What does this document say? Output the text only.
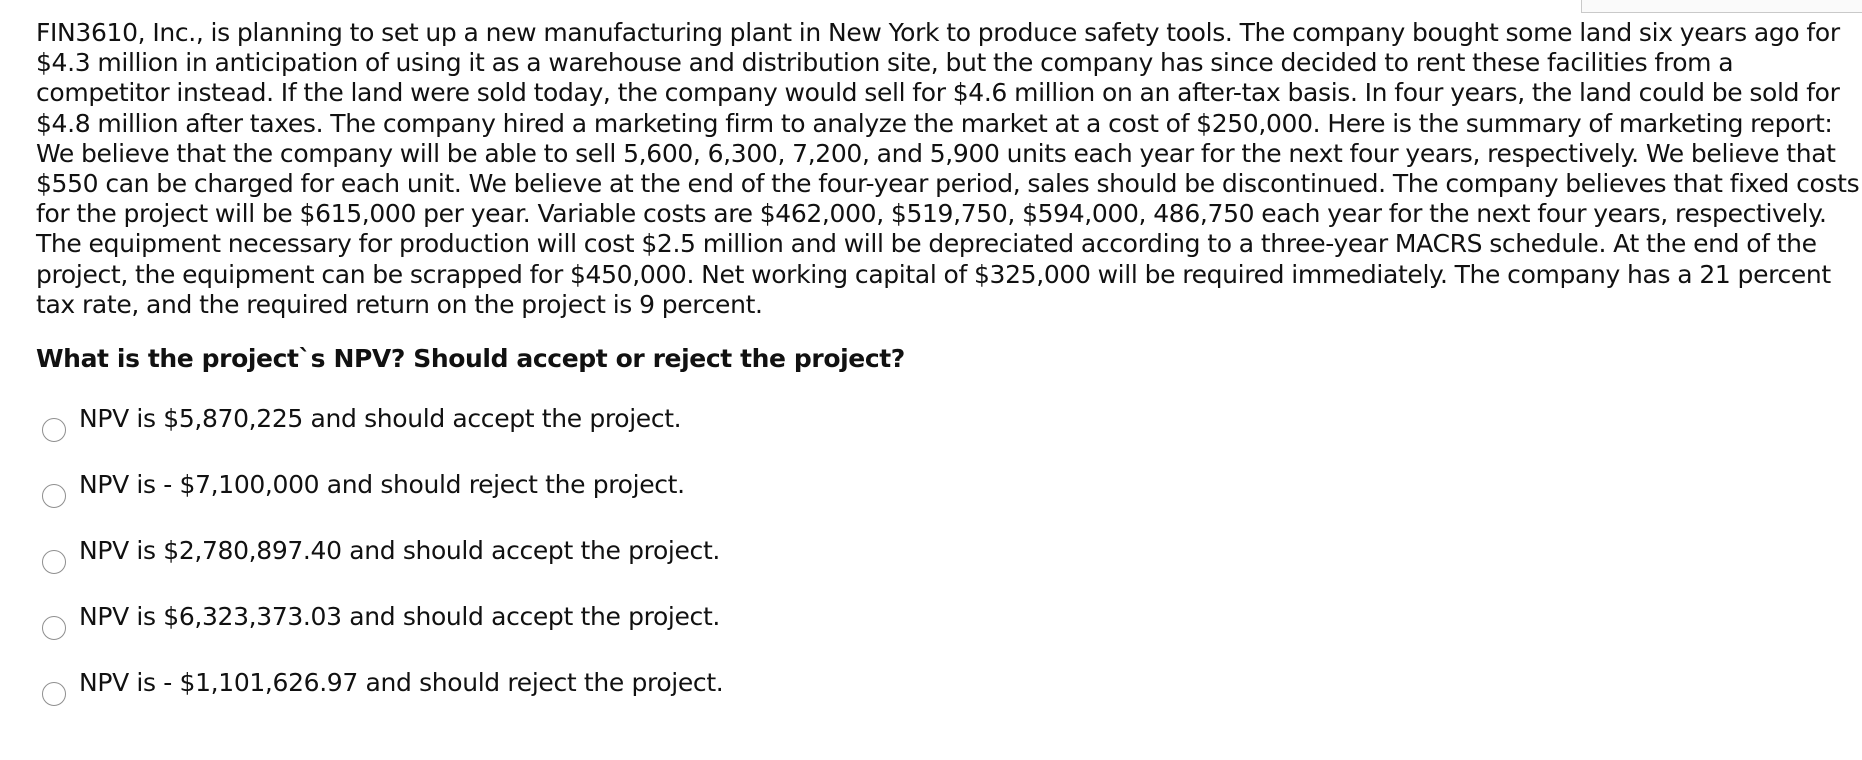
FIN3610, Inc., is planning to set up a new manufacturing plant in New York to produce safety tools. The company bought some land six years ago for $4.3 million in anticipation of using it as a warehouse and distribution site, but the company has since decided to rent these facilities from a competitor instead. If the land were sold today, the company would sell for $4.6 million on an after-tax basis. In four years, the land could be sold for $4.8 million after taxes. The company hired a marketing firm to analyze the market at a cost of $250,000. Here is the summary of marketing report: We believe that the company will be able to sell 5,600, 6,300, 7,200, and 5,900 units each year for the next four years, respectively. We believe that $550 can be charged for each unit. We believe at the end of the four-year period, sales should be discontinued. The company believes that fixed costs for the project will be $615,000 per year. Variable costs are $462,000, $519,750, $594,000, 486,750 each year for the next four years, respectively. The equipment necessary for production will cost $2.5 million and will be depreciated according to a three-year MACRS schedule. At the end of the project, the equipment can be scrapped for $450,000. Net working capital of $325,000 will be required immediately. The company has a 21 percent tax rate, and the required return on the project is 9 percent.

What is the project`s NPV? Should accept or reject the project?

NPV is $5,870,225 and should accept the project.
NPV is - $7,100,000 and should reject the project.
NPV is $2,780,897.40 and should accept the project.
NPV is $6,323,373.03 and should accept the project.
NPV is - $1,101,626.97 and should reject the project.
